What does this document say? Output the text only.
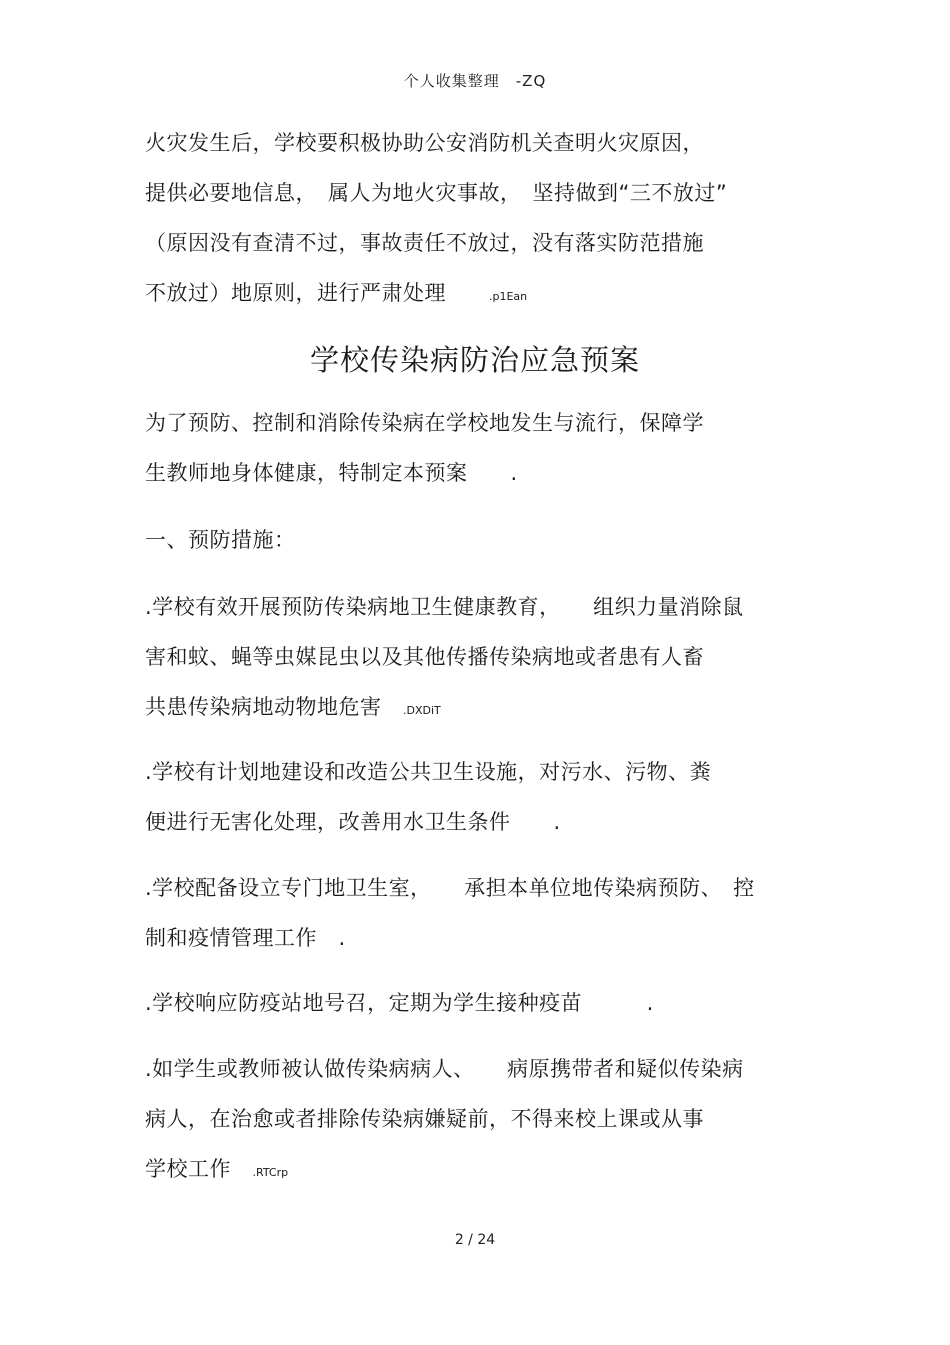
个人收集整理　-ZQ
火灾发生后，学校要积极协助公安消防机关查明火灾原因，
提供必要地信息，　属人为地火灾事故，　坚持做到“三不放过”
（原因没有查清不过，事故责任不放过，没有落实防范措施
不放过）地原则，进行严肃处理　　.p1Ean
学校传染病防治应急预案
为了预防、控制和消除传染病在学校地发生与流行，保障学
生教师地身体健康，特制定本预案　　.
一、预防措施：
.学校有效开展预防传染病地卫生健康教育，　　组织力量消除鼠
害和蚊、蝇等虫媒昆虫以及其他传播传染病地或者患有人畜
共患传染病地动物地危害　.DXDiT
.学校有计划地建设和改造公共卫生设施，对污水、污物、粪
便进行无害化处理，改善用水卫生条件　　.
.学校配备设立专门地卫生室，　　承担本单位地传染病预防、　控
制和疫情管理工作　.
.学校响应防疫站地号召，定期为学生接种疫苗　　　.
.如学生或教师被认做传染病病人、　　病原携带者和疑似传染病
病人，在治愈或者排除传染病嫌疑前，不得来校上课或从事
学校工作　.RTCrp
2 / 24
